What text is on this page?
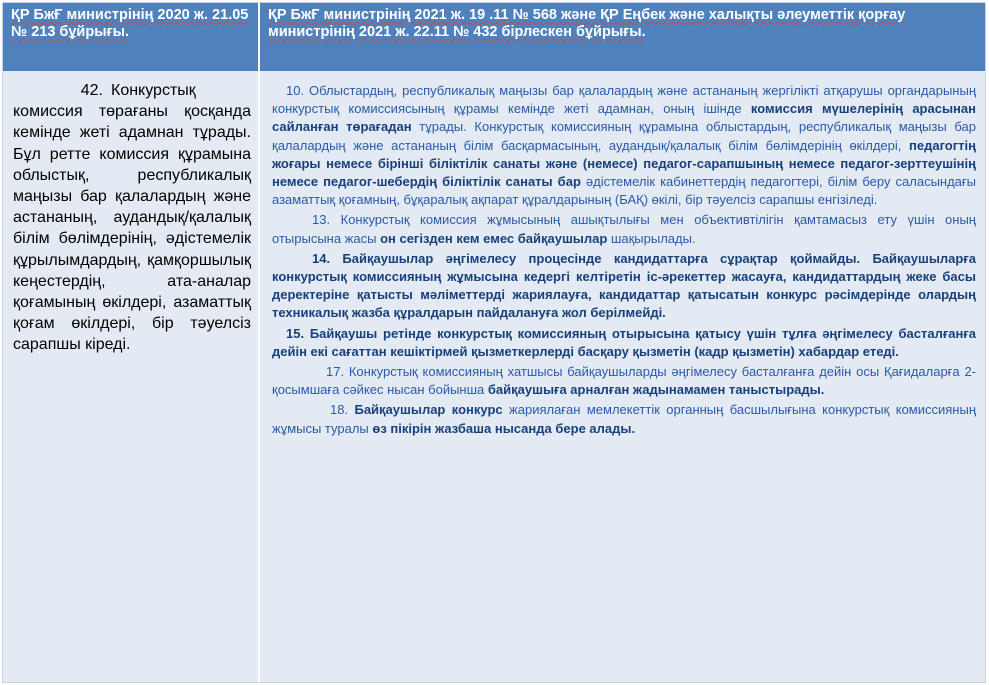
ҚР БжҒ министрінің 2020 ж. 21.05 № 213 бұйрығы.
ҚР БжҒ министрінің 2021 ж. 19 .11 № 568 және ҚР Еңбек және халықты әлеуметтік қорғау министрінің 2021 ж. 22.11 № 432 бірлескен бұйрығы.
42. Конкурстық комиссия төрағаны қосқанда кемінде жеті адамнан тұрады. Бұл ретте комиссия құрамына облыстық, республикалық маңызы бар қалалардың және астананың, аудандық/қалалық білім бөлімдерінің, әдістемелік құрылымдардың, қамқоршылық кеңестердің, ата-аналар қоғамының өкілдері, азаматтық қоғам өкілдері, бір тәуелсіз сарапшы кіреді.

10. Облыстардың, республикалық маңызы бар қалалардың және астананың жергілікті атқарушы органдарының конкурстық комиссиясының құрамы кемінде жеті адамнан, оның ішінде комиссия мүшелерінің арасынан сайланған төрағадан тұрады. Конкурстық комиссияның құрамына облыстардың, республикалық маңызы бар қалалардың және астананың білім басқармасының, аудандық/қалалық білім бөлімдерінің өкілдері, педагогтің жоғары немесе бірінші біліктілік санаты және (немесе) педагог-сарапшының немесе педагог-зерттеушінің немесе педагог-шебердің біліктілік санаты бар әдістемелік кабинеттердің педагогтері, білім беру саласындағы азаматтық қоғамның, бұқаралық ақпарат құралдарының (БАҚ) өкілі, бір тәуелсіз сарапшы енгізіледі.

13. Конкурстық комиссия жұмысының ашықтылығы мен объективтілігін қамтамасыз ету үшін оның отырысына жасы он сегізден кем емес байқаушылар шақырылады.

14. Байқаушылар әңгімелесу процесінде кандидаттарға сұрақтар қоймайды. Байқаушыларға конкурстық комиссияның жұмысына кедергі келтіретін іс-әрекеттер жасауға, кандидаттардың жеке басы деректеріне қатысты мәліметтерді жариялауға, кандидаттар қатысатын конкурс рәсімдерінде олардың техникалық жазба құралдарын пайдалануға жол берілмейді.

15. Байқаушы ретінде конкурстық комиссияның отырысына қатысу үшін тұлға әңгімелесу басталғанға дейін екі сағаттан кешіктірмей қызметкерлерді басқару қызметін (кадр қызметін) хабардар етеді.

17. Конкурстық комиссияның хатшысы байқаушыларды әңгімелесу басталғанға дейін осы Қағидаларға 2-қосымшаға сәйкес нысан бойынша байқаушыға арналған жадынамамен таныстырады.

18. Байқаушылар конкурс жариялаған мемлекеттік органның басшылығына конкурстық комиссияның жұмысы туралы өз пікірін жазбаша нысанда бере алады.
